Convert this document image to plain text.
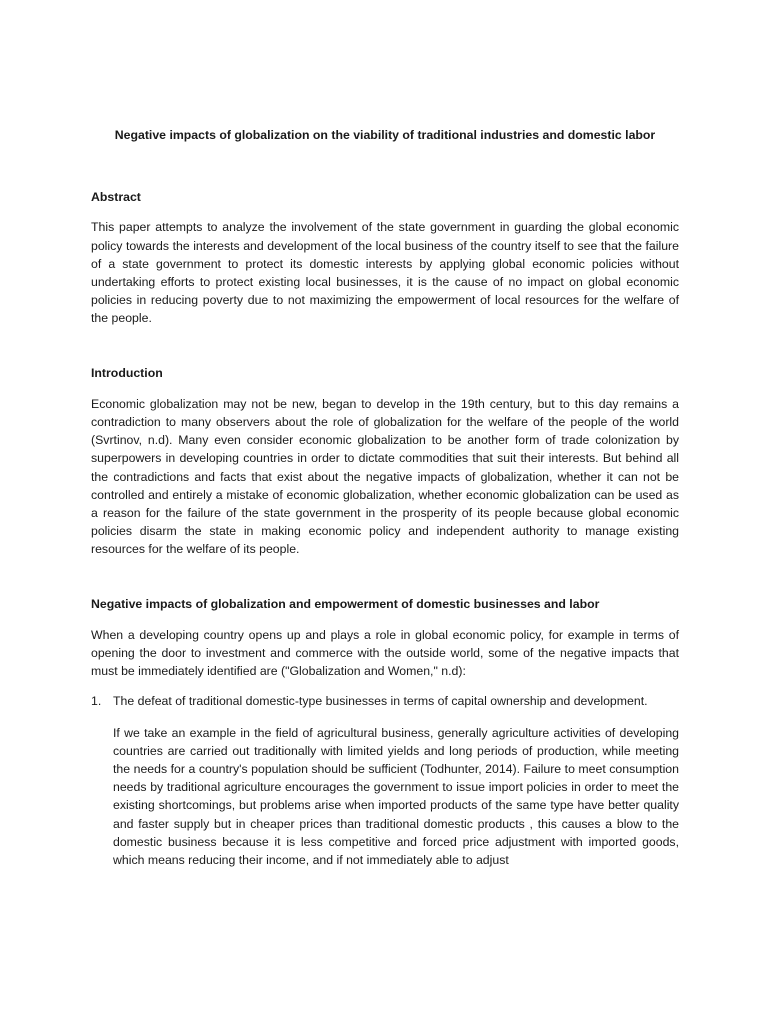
Negative impacts of globalization on the viability of traditional industries and domestic labor

Abstract

This paper attempts to analyze the involvement of the state government in guarding the global economic policy towards the interests and development of the local business of the country itself to see that the failure of a state government to protect its domestic interests by applying global economic policies without undertaking efforts to protect existing local businesses, it is the cause of no impact on global economic policies in reducing poverty due to not maximizing the empowerment of local resources for the welfare of the people.

Introduction

Economic globalization may not be new, began to develop in the 19th century, but to this day remains a contradiction to many observers about the role of globalization for the welfare of the people of the world (Svrtinov, n.d). Many even consider economic globalization to be another form of trade colonization by superpowers in developing countries in order to dictate commodities that suit their interests. But behind all the contradictions and facts that exist about the negative impacts of globalization, whether it can not be controlled and entirely a mistake of economic globalization, whether economic globalization can be used as a reason for the failure of the state government in the prosperity of its people because global economic policies disarm the state in making economic policy and independent authority to manage existing resources for the welfare of its people.

Negative impacts of globalization and empowerment of domestic businesses and labor

When a developing country opens up and plays a role in global economic policy, for example in terms of opening the door to investment and commerce with the outside world, some of the negative impacts that must be immediately identified are ("Globalization and Women," n.d):

1. The defeat of traditional domestic-type businesses in terms of capital ownership and development.

If we take an example in the field of agricultural business, generally agriculture activities of developing countries are carried out traditionally with limited yields and long periods of production, while meeting the needs for a country's population should be sufficient (Todhunter, 2014). Failure to meet consumption needs by traditional agriculture encourages the government to issue import policies in order to meet the existing shortcomings, but problems arise when imported products of the same type have better quality and faster supply but in cheaper prices than traditional domestic products , this causes a blow to the domestic business because it is less competitive and forced price adjustment with imported goods, which means reducing their income, and if not immediately able to adjust
